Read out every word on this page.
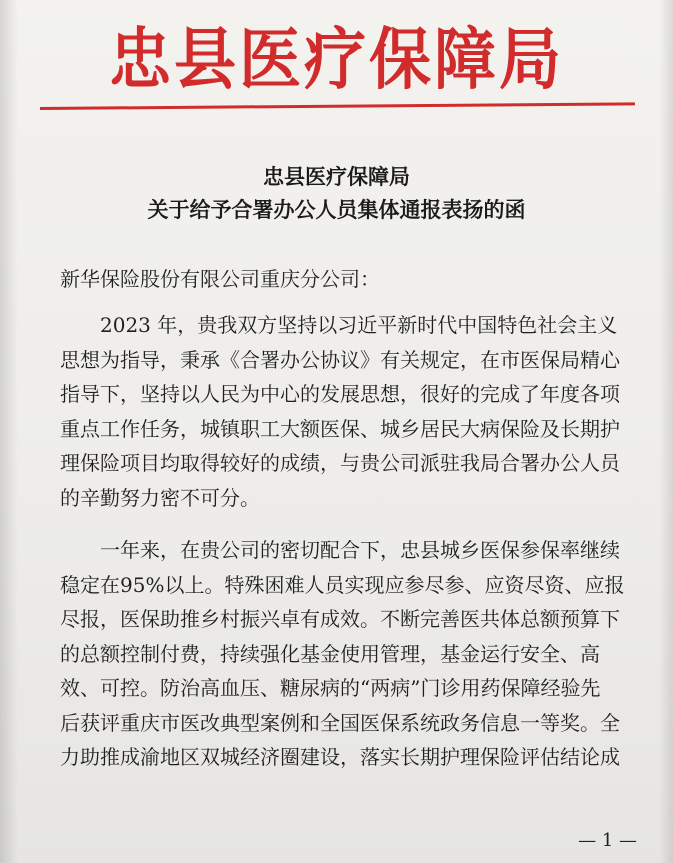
忠县医疗保障局
忠县医疗保障局
关于给予合署办公人员集体通报表扬的函
新华保险股份有限公司重庆分公司：
2023 年，贵我双方坚持以习近平新时代中国特色社会主义
思想为指导，秉承《合署办公协议》有关规定，在市医保局精心
指导下，坚持以人民为中心的发展思想，很好的完成了年度各项
重点工作任务，城镇职工大额医保、城乡居民大病保险及长期护
理保险项目均取得较好的成绩，与贵公司派驻我局合署办公人员
的辛勤努力密不可分。
一年来，在贵公司的密切配合下，忠县城乡医保参保率继续
稳定在95%以上。特殊困难人员实现应参尽参、应资尽资、应报
尽报，医保助推乡村振兴卓有成效。不断完善医共体总额预算下
的总额控制付费，持续强化基金使用管理，基金运行安全、高
效、可控。防治高血压、糖尿病的“两病”门诊用药保障经验先
后获评重庆市医改典型案例和全国医保系统政务信息一等奖。全
力助推成渝地区双城经济圈建设，落实长期护理保险评估结论成
— 1 —
